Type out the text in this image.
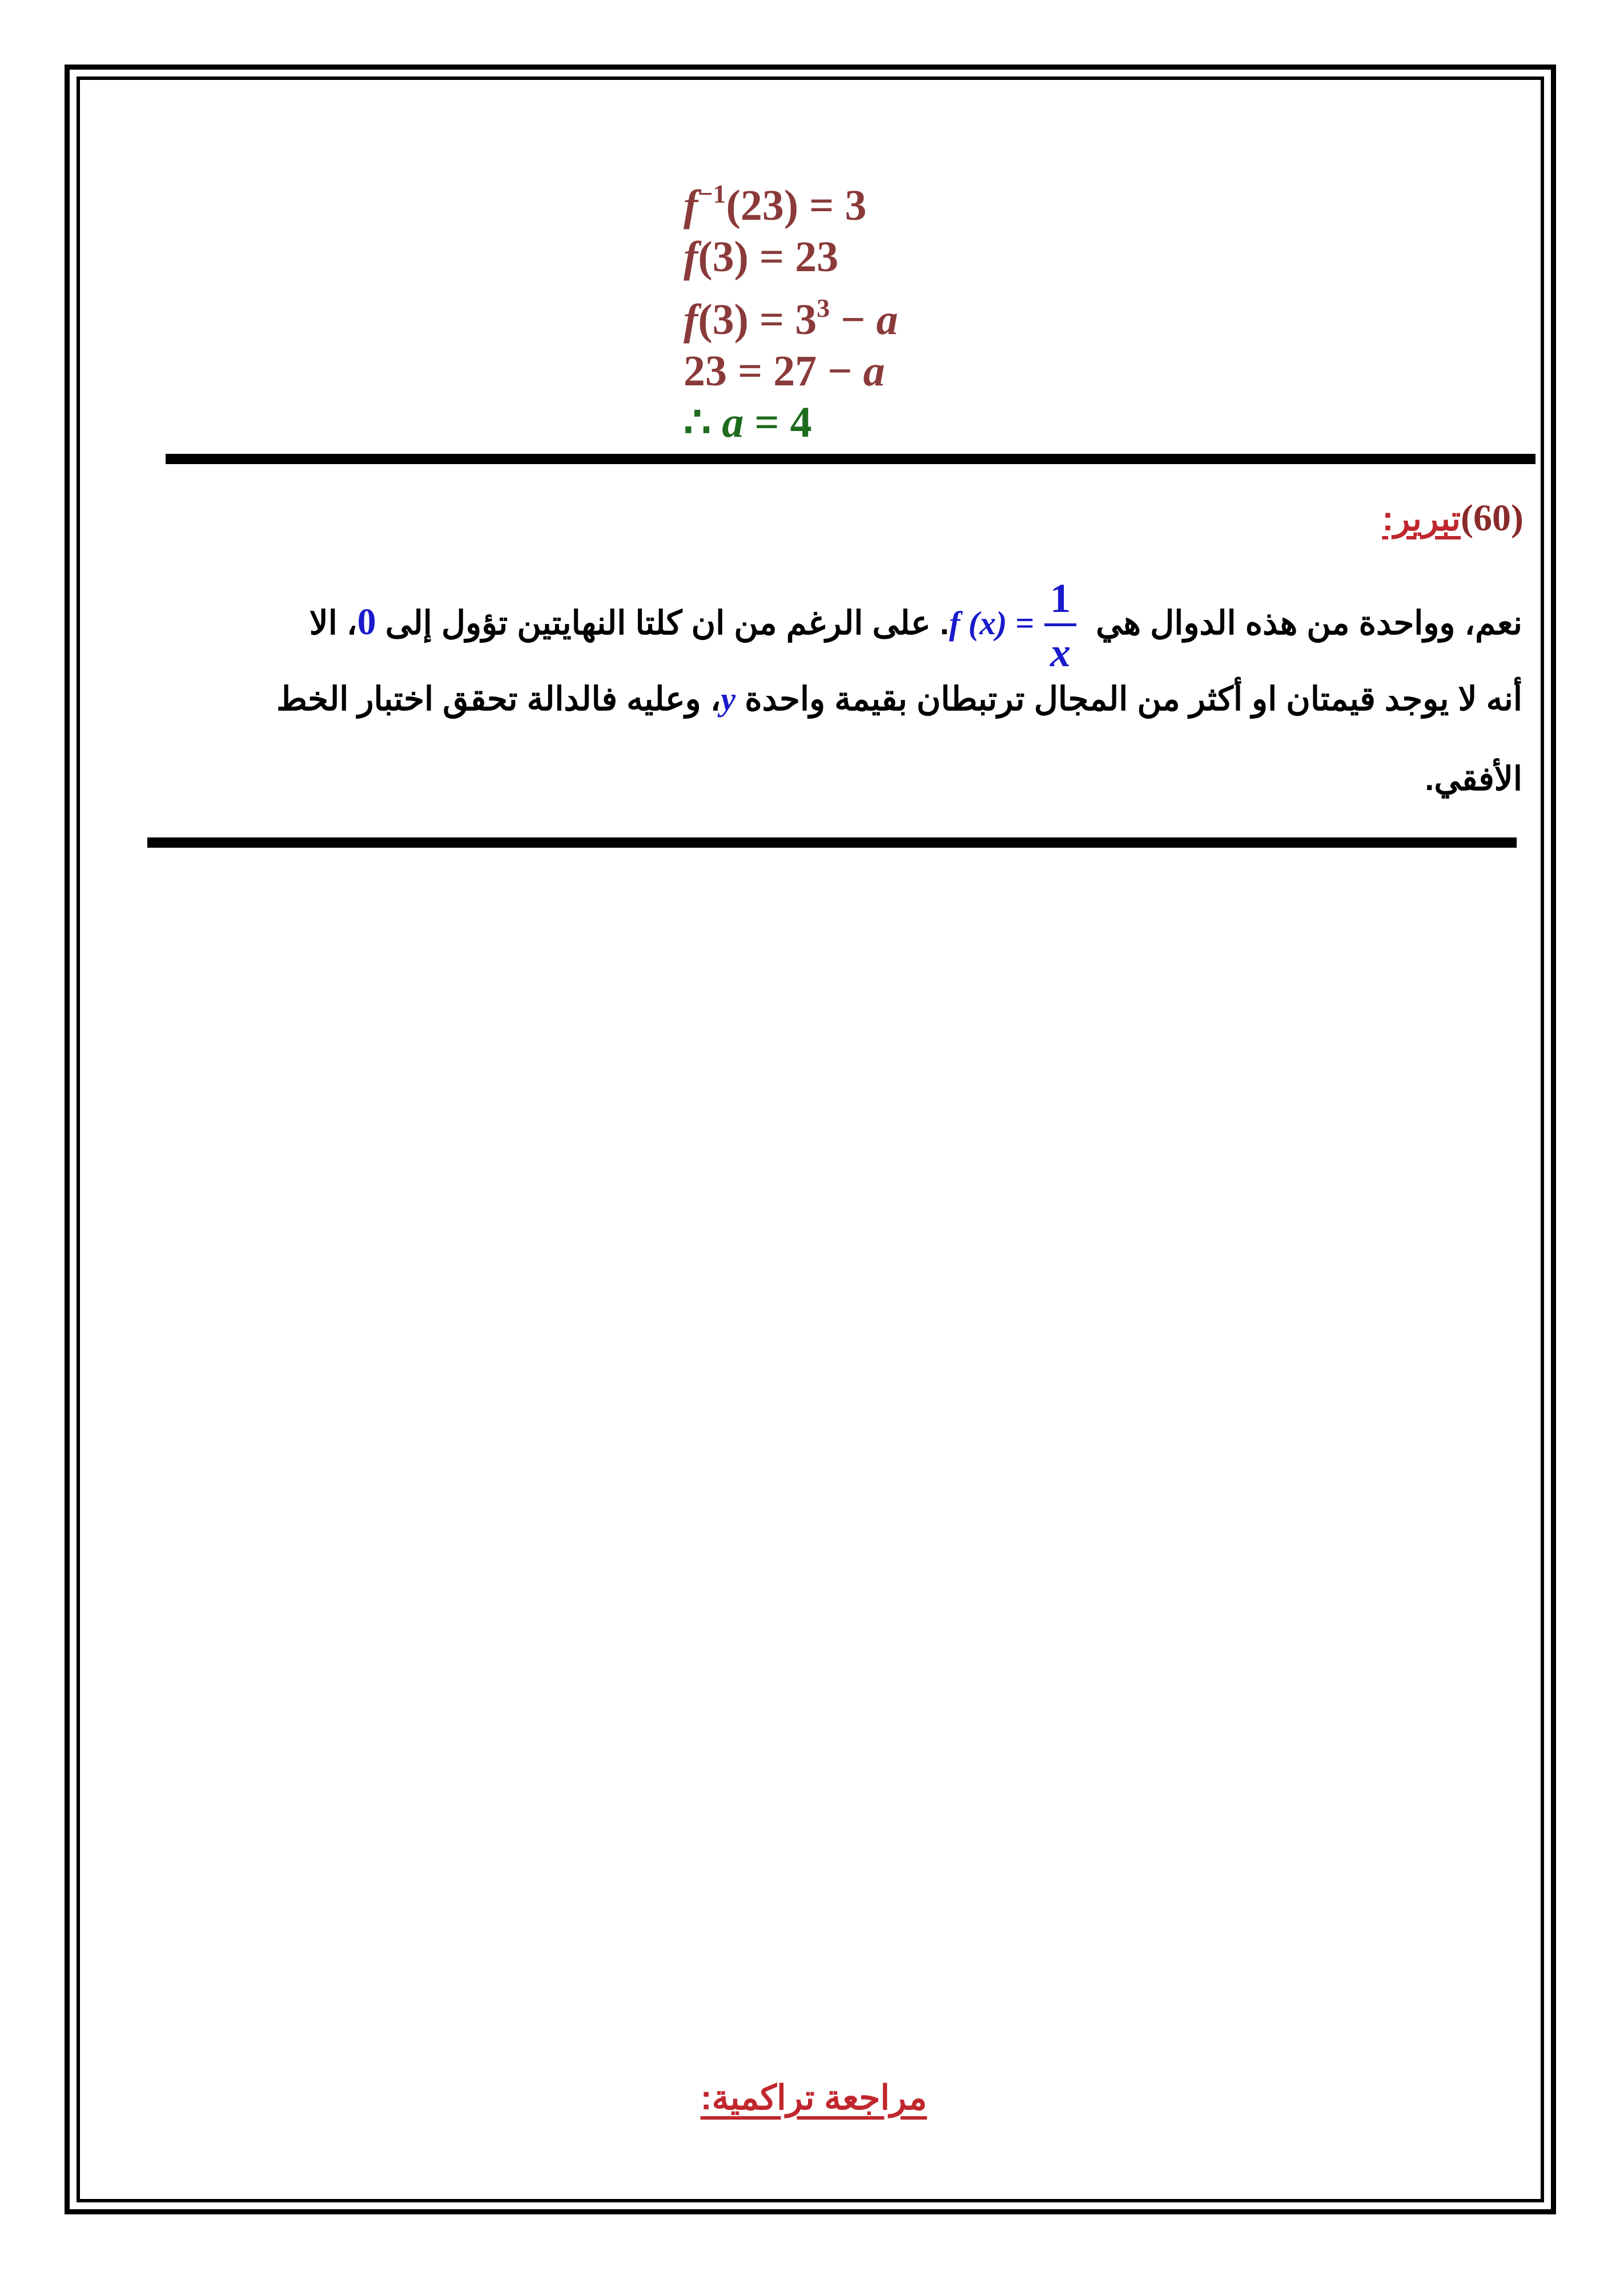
$f^{-1}(23) = 3$
f(3) = 23
$f(3) = 3^3 - a$
23 = 27 − a
∴ a = 4
(60)تبرير:
نعم، وواحدة من هذه الدوال هي
$\frac{1}{x}$
f (x) =. على الرغم من ان كلتا النهايتين تؤول إلى 0، الا
أنه لا يوجد قيمتان او أكثر من المجال ترتبطان بقيمة واحدة y، وعليه فالدالة تحقق اختبار الخط
الأفقي.
مراجعة تراكمية:
